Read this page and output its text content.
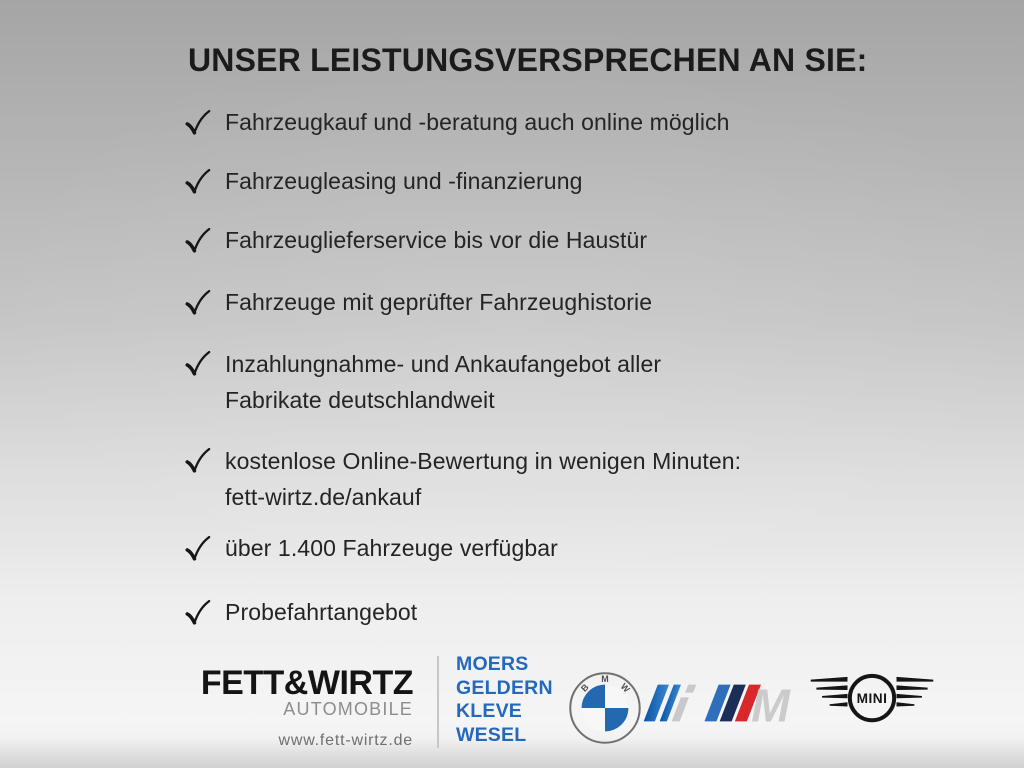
UNSER LEISTUNGSVERSPRECHEN AN SIE:
Fahrzeugkauf und -beratung auch online möglich
Fahrzeugleasing und -finanzierung
Fahrzeuglieferservice bis vor die Haustür
Fahrzeuge mit geprüfter Fahrzeughistorie
Inzahlungnahme- und Ankaufangebot aller
Fabrikate deutschlandweit
kostenlose Online-Bewertung in wenigen Minuten:
fett-wirtz.de/ankauf
über 1.400 Fahrzeuge verfügbar
Probefahrtangebot
FETT&WIRTZ
AUTOMOBILE
www.fett-wirtz.de
MOERS
GELDERN
KLEVE
WESEL
B
M
W M	MINI
